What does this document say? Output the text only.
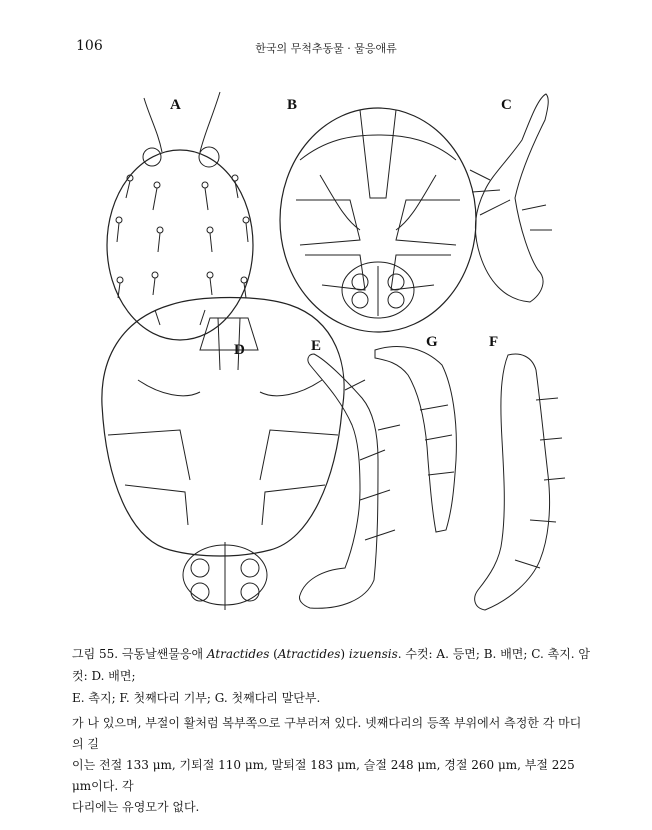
106	한국의 무척추동물 · 물응애류
A	B	C
D	E	G	F
그림 55. 극동날쌘물응애 Atractides (Atractides) izuensis. 수컷: A. 등면; B. 배면; C. 촉지. 암컷: D. 배면;
E. 촉지; F. 첫째다리 기부; G. 첫째다리 말단부.
가 나 있으며, 부절이 활처럼 복부쪽으로 구부러져 있다. 넷째다리의 등쪽 부위에서 측정한 각 마디의 길
이는 전절 133 μm, 기퇴절 110 μm, 말퇴절 183 μm, 슬절 248 μm, 경절 260 μm, 부절 225 μm이다. 각
다리에는 유영모가 없다.
